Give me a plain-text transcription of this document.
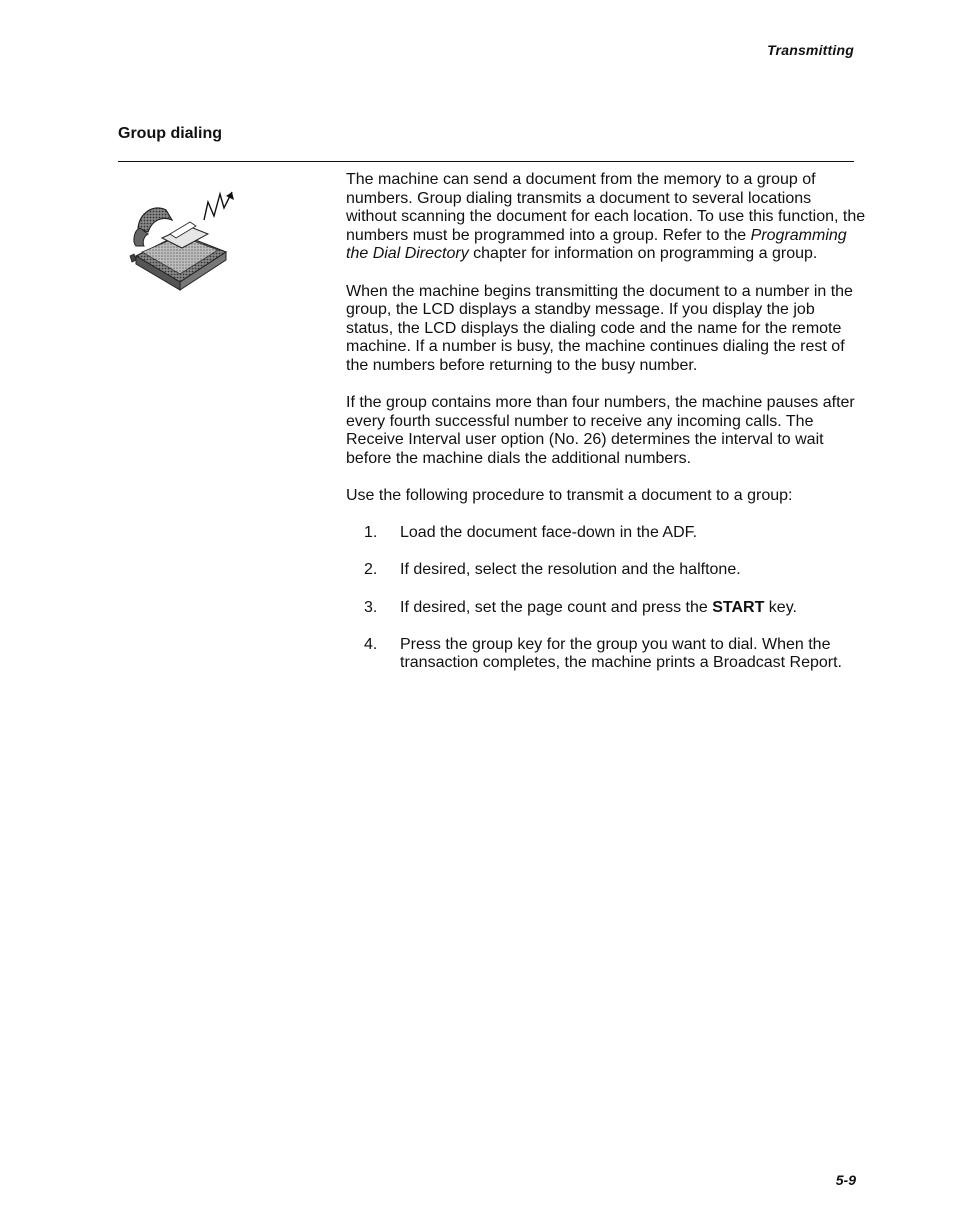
Transmitting
Group dialing

The machine can send a document from the memory to a group of numbers. Group dialing transmits a document to several locations without scanning the document for each location. To use this function, the numbers must be programmed into a group. Refer to the Programming the Dial Directory chapter for information on programming a group.

When the machine begins transmitting the document to a number in the group, the LCD displays a standby message. If you display the job status, the LCD displays the dialing code and the name for the remote machine. If a number is busy, the machine continues dialing the rest of the numbers before returning to the busy number.

If the group contains more than four numbers, the machine pauses after every fourth successful number to receive any incoming calls. The Receive Interval user option (No. 26) determines the interval to wait before the machine dials the additional numbers.

Use the following procedure to transmit a document to a group:

1. Load the document face-down in the ADF.
2. If desired, select the resolution and the halftone.
3. If desired, set the page count and press the START key.
4. Press the group key for the group you want to dial. When the transaction completes, the machine prints a Broadcast Report.
5-9
